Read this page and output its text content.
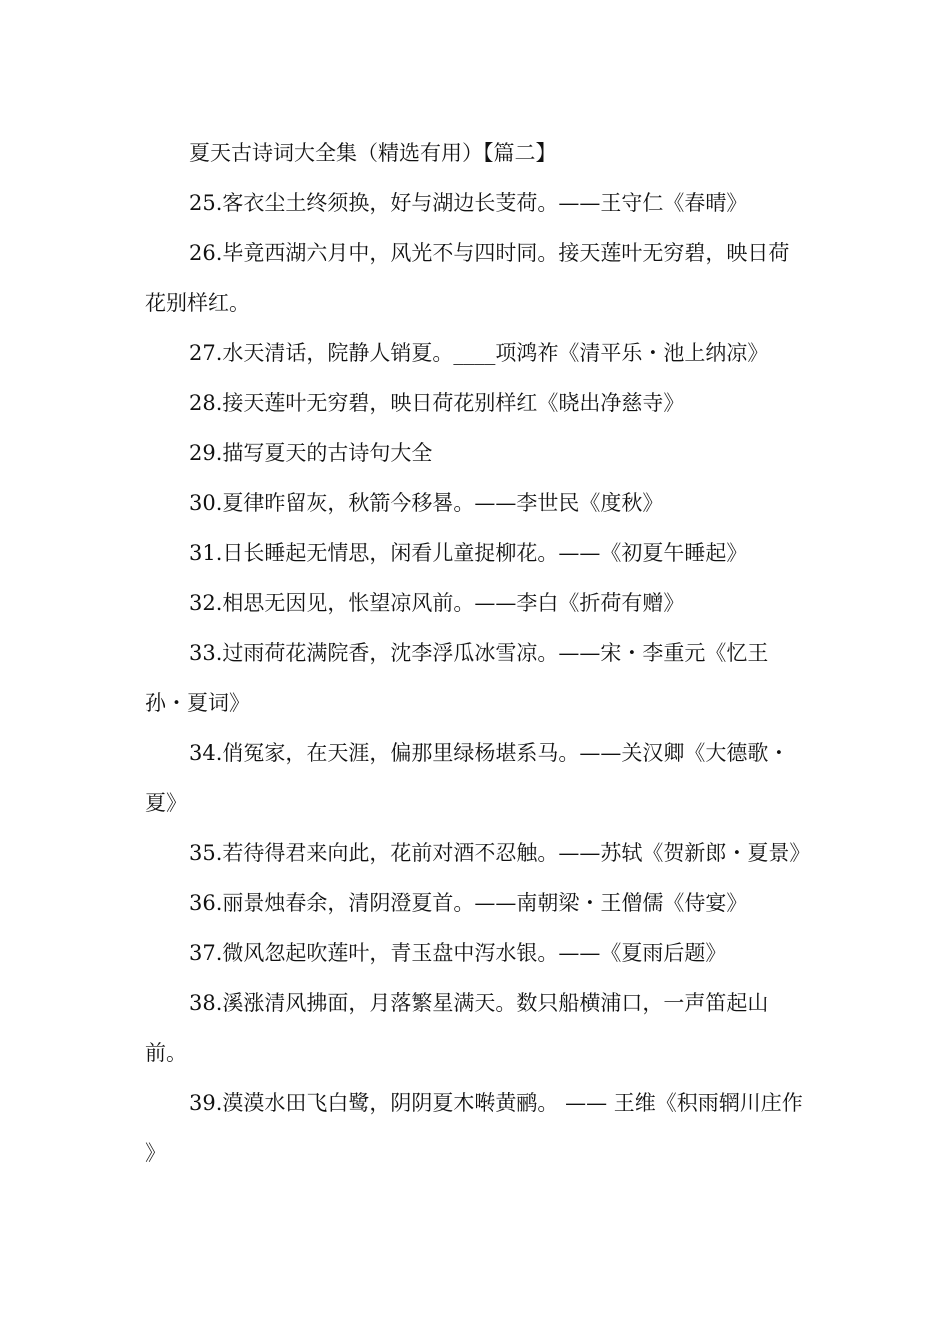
夏天古诗词大全集（精选有用）【篇二】

25.客衣尘土终须换，好与湖边长芰荷。——王守仁《春晴》

26.毕竟西湖六月中，风光不与四时同。接天莲叶无穷碧，映日荷花别样红。

27.水天清话，院静人销夏。____项鸿祚《清平乐・池上纳凉》

28.接天莲叶无穷碧，映日荷花别样红《晓出净慈寺》

29.描写夏天的古诗句大全

30.夏律昨留灰，秋箭今移晷。——李世民《度秋》

31.日长睡起无情思，闲看儿童捉柳花。——《初夏午睡起》

32.相思无因见，怅望凉风前。——李白《折荷有赠》

33.过雨荷花满院香，沈李浮瓜冰雪凉。——宋・李重元《忆王孙・夏词》

34.俏冤家，在天涯，偏那里绿杨堪系马。——关汉卿《大德歌・夏》

35.若待得君来向此，花前对酒不忍触。——苏轼《贺新郎・夏景》

36.丽景烛春余，清阴澄夏首。——南朝梁・王僧儒《侍宴》

37.微风忽起吹莲叶，青玉盘中泻水银。——《夏雨后题》

38.溪涨清风拂面，月落繁星满天。数只船横浦口，一声笛起山前。

39.漠漠水田飞白鹭，阴阴夏木啭黄鹂。 —— 王维《积雨辋川庄作 》
